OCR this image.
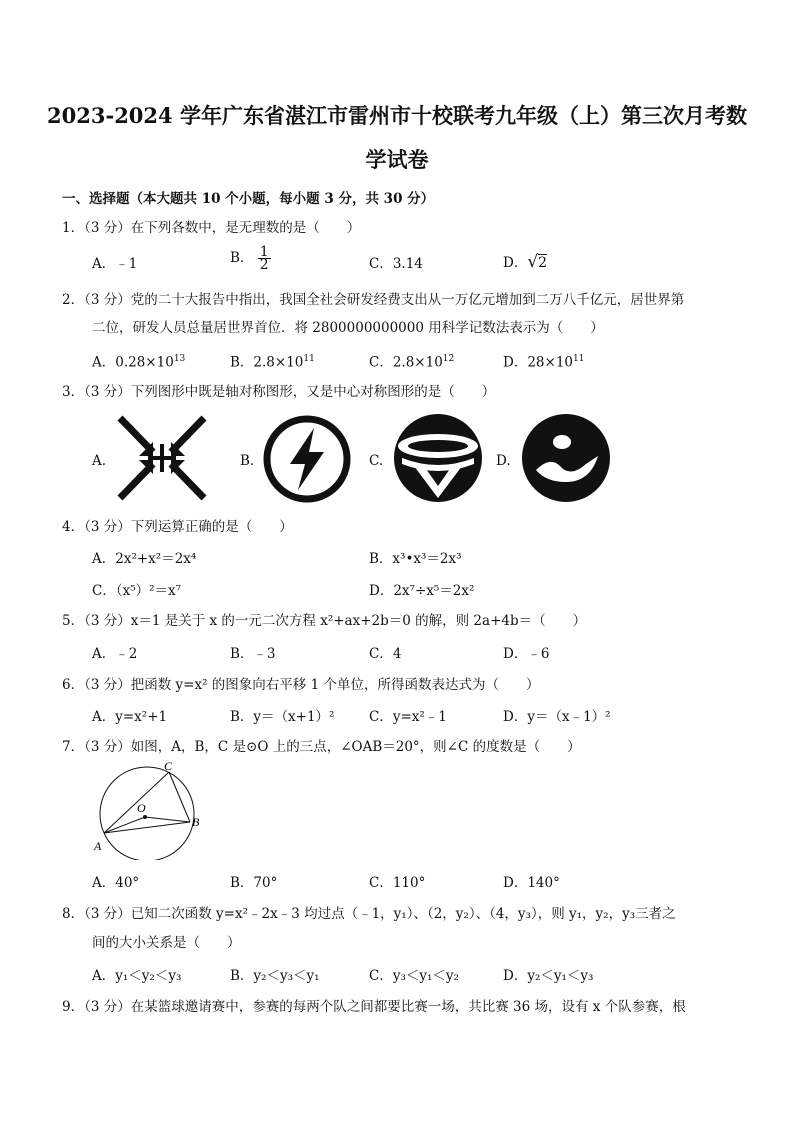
2023-2024 学年广东省湛江市雷州市十校联考九年级（上）第三次月考数
学试卷
一、选择题（本大题共 10 个小题，每小题 3 分，共 30 分）
1．（3 分）在下列各数中，是无理数的是（　　）
A．﹣1	B． $\frac{1}{2}$	C．3.14	D．√2
2．（3 分）党的二十大报告中指出，我国全社会研发经费支出从一万亿元增加到二万八千亿元，居世界第
二位，研发人员总量居世界首位．将 2800000000000 用科学记数法表示为（　　）
A．$0.28\times 10^{13}$	B．$2.8\times 10^{11}$	C．$2.8\times 10^{12}$	D．$28\times 10^{11}$
3．（3 分）下列图形中既是轴对称图形，又是中心对称图形的是（　　）
A.	B.	C.	D.
4．（3 分）下列运算正确的是（　　）
A．2x²+x²＝2x⁴	B．x³•x³＝2x³
C．（x⁵）²＝x⁷	D．2x⁷÷x⁵＝2x²
5．（3 分）x＝1 是关于 x 的一元二次方程 x²+ax+2b＝0 的解，则 2a+4b＝（　　）
A．﹣2	B．﹣3	C．4	D．﹣6
6．（3 分）把函数 y=x² 的图象向右平移 1 个单位，所得函数表达式为（　　）
A．y=x²+1	B．y＝（x+1）²	C．y=x²﹣1	D．y＝（x﹣1）²
7．（3 分）如图，A，B，C 是⊙O 上的三点，∠OAB＝20°，则∠C 的度数是（　　）
C
O
B
A
A．40°	B．70°	C．110°	D．140°
8．（3 分）已知二次函数 y=x²﹣2x﹣3 均过点（﹣1，y₁）、（2，y₂）、（4，y₃），则 y₁，y₂，y₃三者之
间的大小关系是（　　）
A．y₁＜y₂＜y₃	B．y₂＜y₃＜y₁	C．y₃＜y₁＜y₂	D．y₂＜y₁＜y₃
9．（3 分）在某篮球邀请赛中，参赛的每两个队之间都要比赛一场，共比赛 36 场，设有 x 个队参赛，根
